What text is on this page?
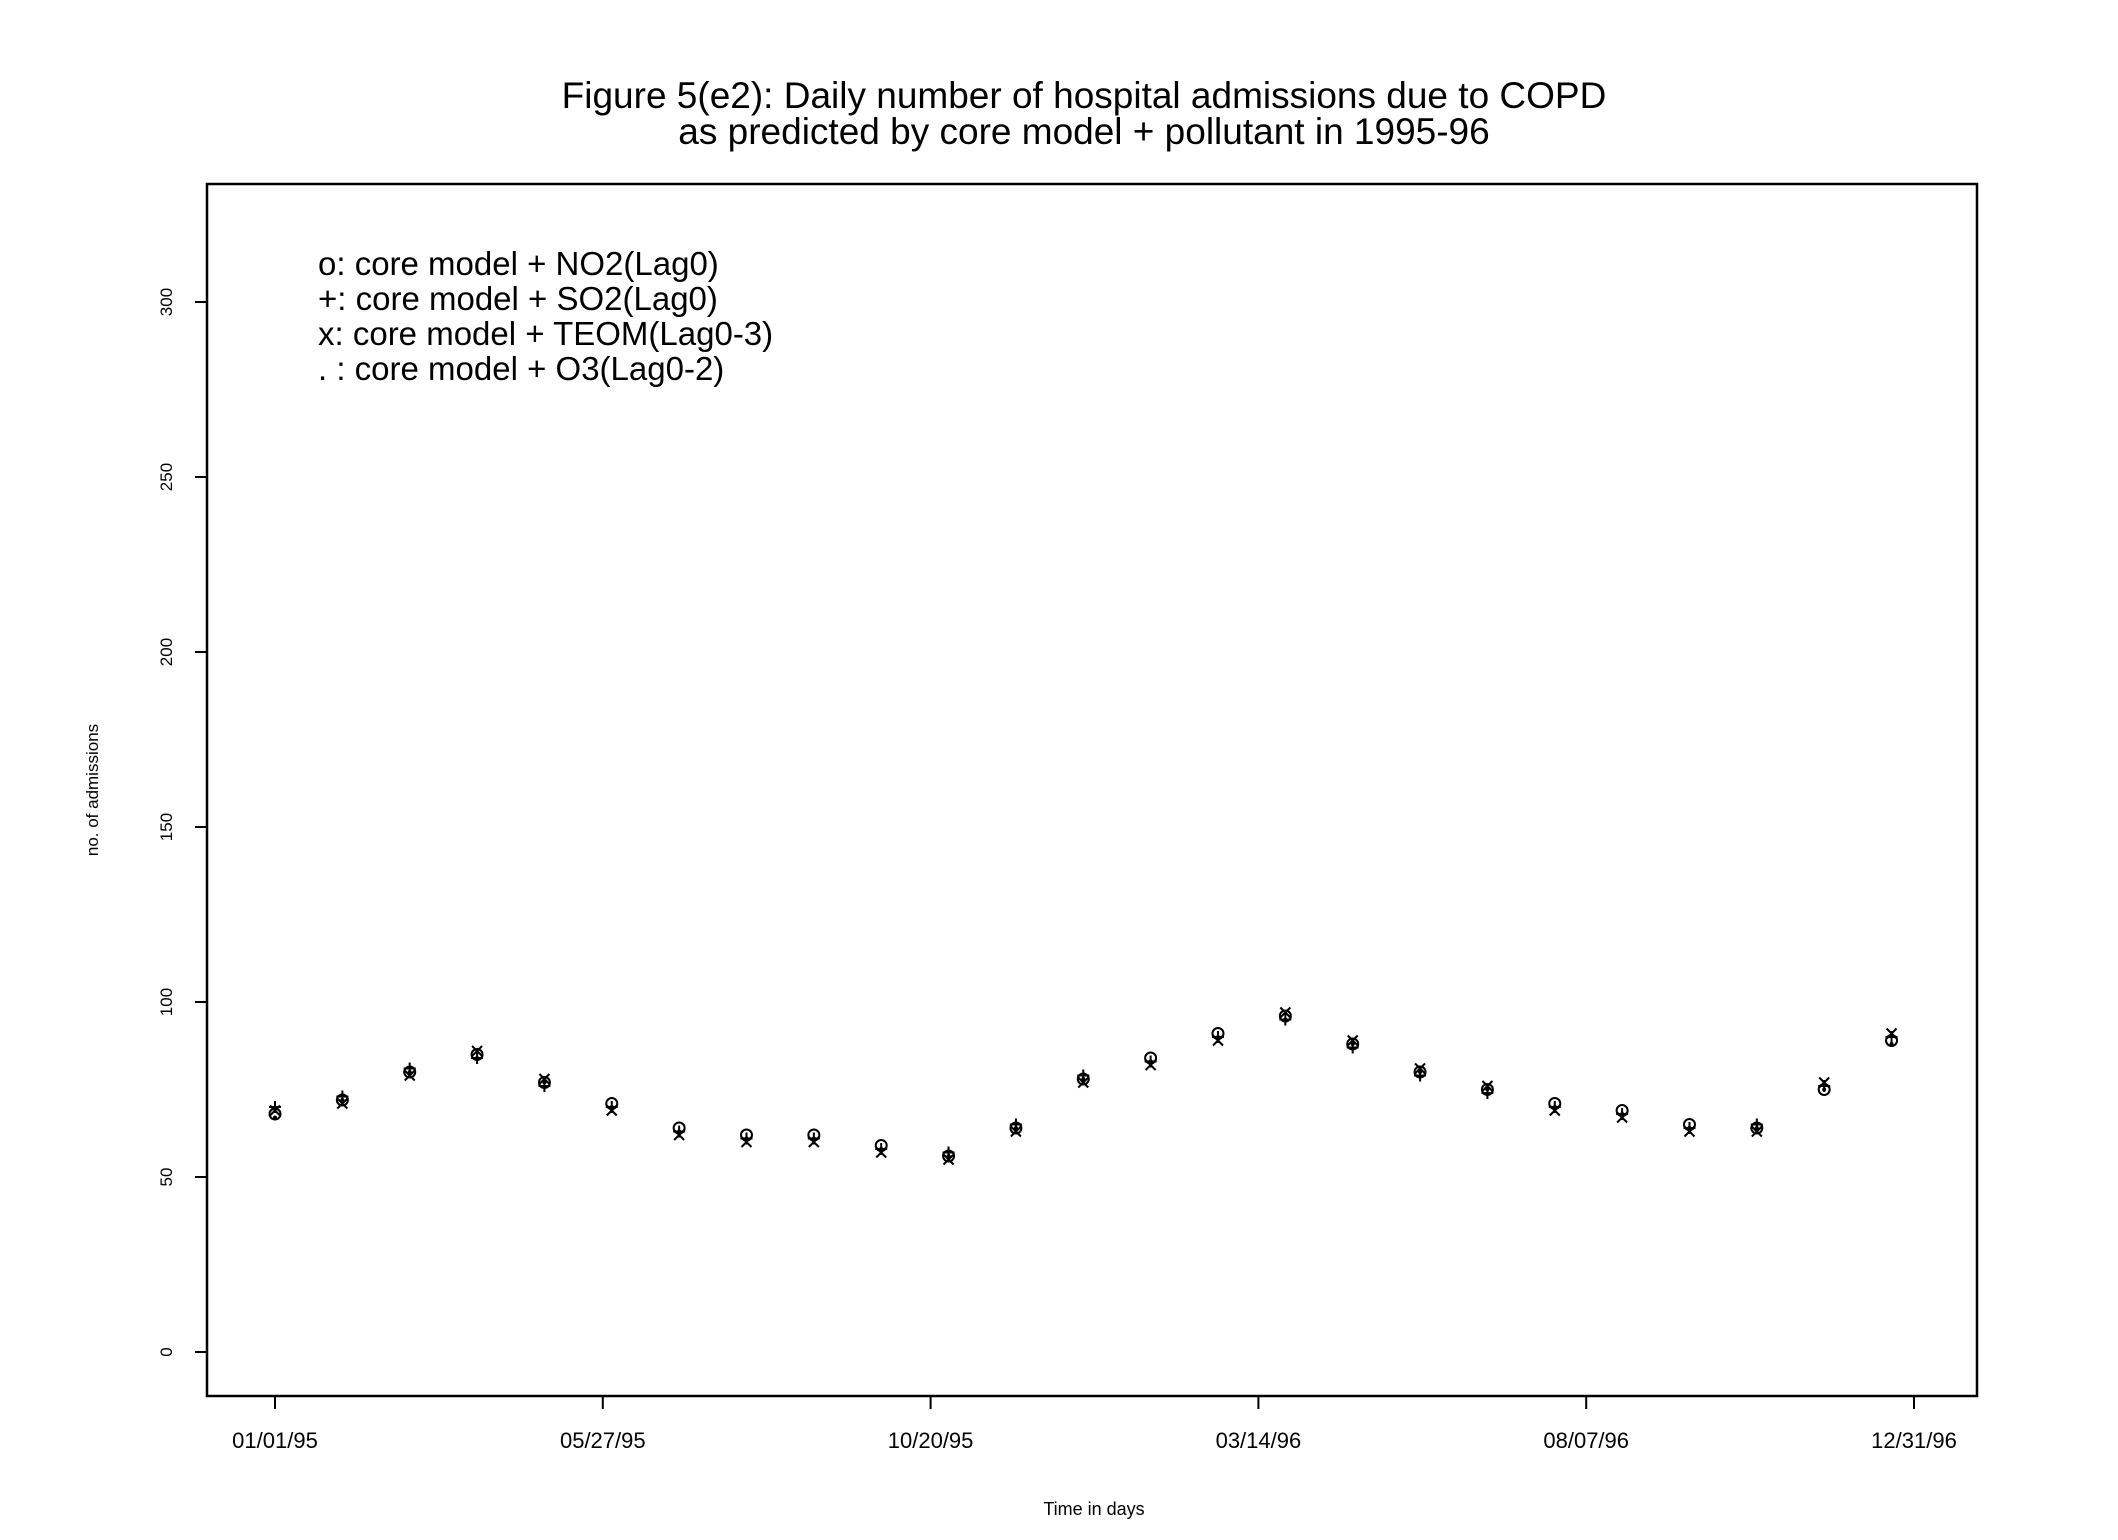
Figure 5(e2): Daily number of hospital admissions due to COPD
as predicted by core model + pollutant in 1995-96
o: core model + NO2(Lag0)
+: core model + SO2(Lag0)
x: core model + TEOM(Lag0-3)
. : core model + O3(Lag0-2)
no. of admissions
0
50
100
150
200
250
300
Time in days
01/01/95	05/27/95	10/20/95	03/14/96	08/07/96	12/31/96
